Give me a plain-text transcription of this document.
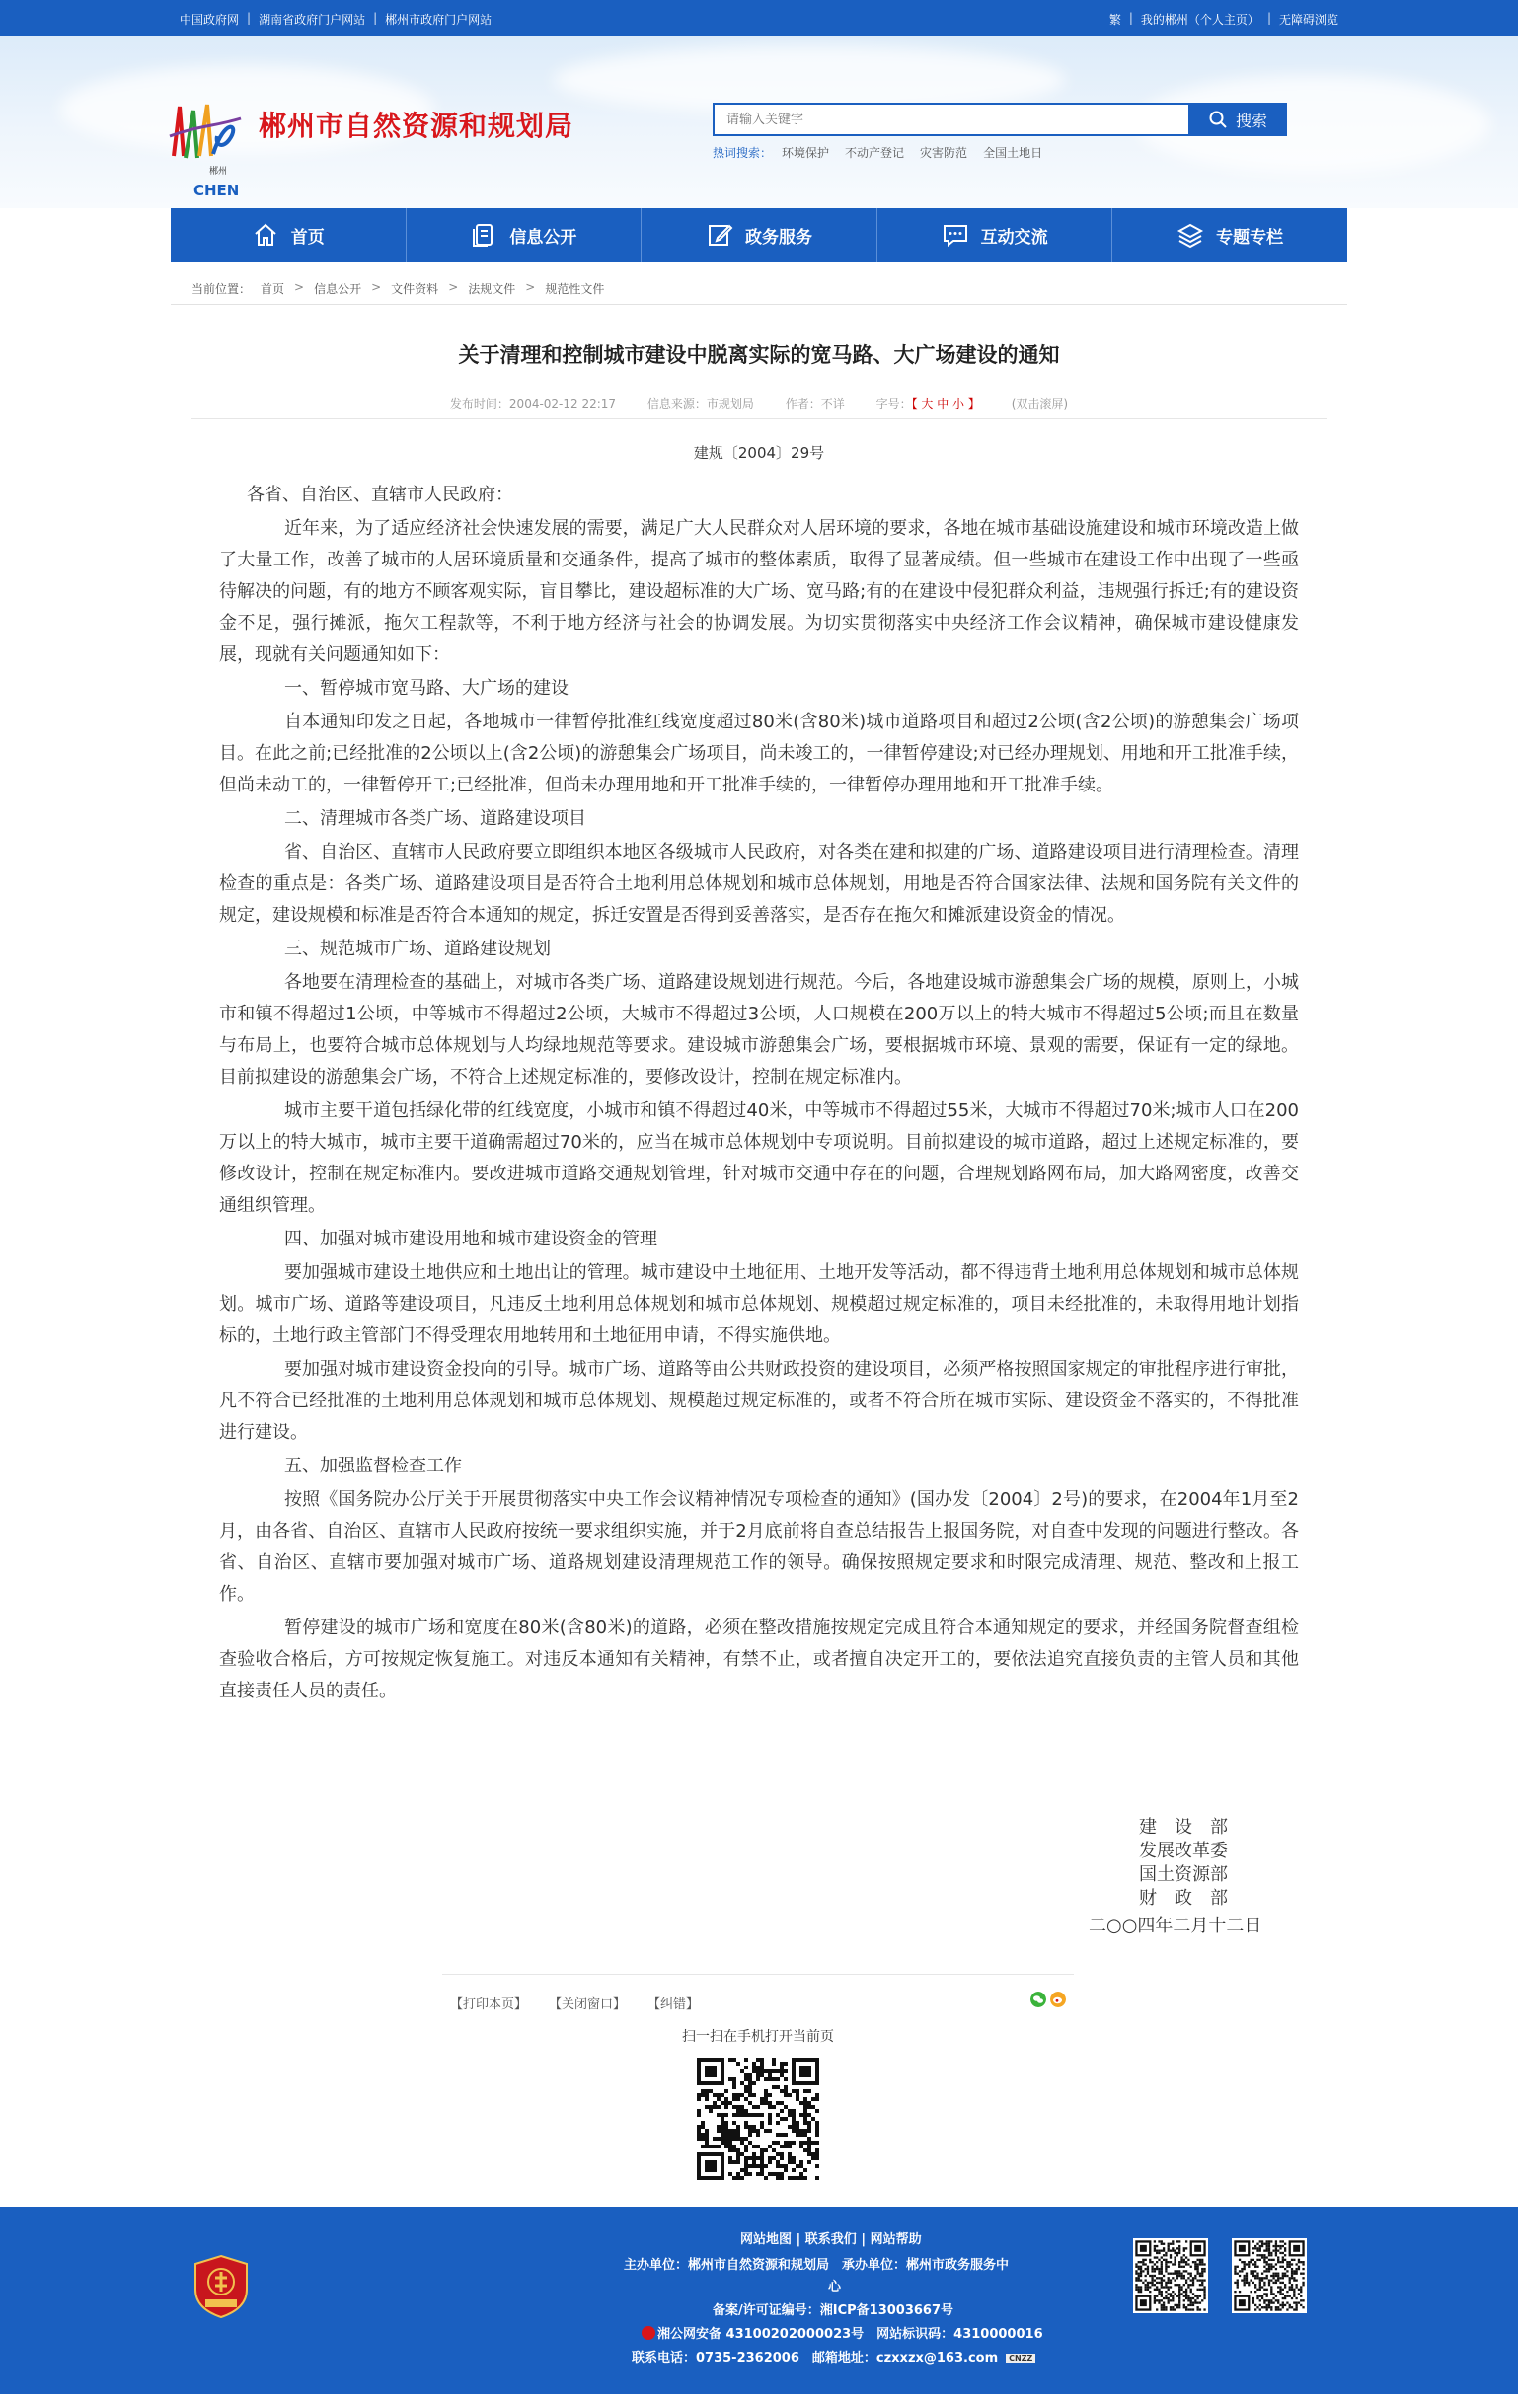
中国政府网 | 湖南省政府门户网站 | 郴州市政府门户网站	繁 | 我的郴州（个人主页） | 无障碍浏览
郴州
CHEN
郴州市自然资源和规划局
请输入关键字	搜索
热词搜索： 环境保护 不动产登记 灾害防范 全国土地日
首页	信息公开	政务服务	互动交流	专题专栏
当前位置： 首页 > 信息公开 > 文件资料 > 法规文件 > 规范性文件
关于清理和控制城市建设中脱离实际的宽马路、大广场建设的通知
发布时间：2004-02-12 22:17	信息来源：市规划局	作者：不详	字号：【 大 中 小 】	(双击滚屏)
建规〔2004〕29号
各省、自治区、直辖市人民政府：

近年来，为了适应经济社会快速发展的需要，满足广大人民群众对人居环境的要求，各地在城市基础设施建设和城市环境改造上做了大量工作，改善了城市的人居环境质量和交通条件，提高了城市的整体素质，取得了显著成绩。但一些城市在建设工作中出现了一些亟待解决的问题，有的地方不顾客观实际，盲目攀比，建设超标准的大广场、宽马路;有的在建设中侵犯群众利益，违规强行拆迁;有的建设资金不足，强行摊派，拖欠工程款等，不利于地方经济与社会的协调发展。为切实贯彻落实中央经济工作会议精神，确保城市建设健康发展，现就有关问题通知如下：

一、暂停城市宽马路、大广场的建设

自本通知印发之日起，各地城市一律暂停批准红线宽度超过80米(含80米)城市道路项目和超过2公顷(含2公顷)的游憩集会广场项目。在此之前;已经批准的2公顷以上(含2公顷)的游憩集会广场项目，尚未竣工的，一律暂停建设;对已经办理规划、用地和开工批准手续，但尚未动工的，一律暂停开工;已经批准，但尚未办理用地和开工批准手续的，一律暂停办理用地和开工批准手续。

二、清理城市各类广场、道路建设项目

省、自治区、直辖市人民政府要立即组织本地区各级城市人民政府，对各类在建和拟建的广场、道路建设项目进行清理检查。清理检查的重点是：各类广场、道路建设项目是否符合土地利用总体规划和城市总体规划，用地是否符合国家法律、法规和国务院有关文件的规定，建设规模和标准是否符合本通知的规定，拆迁安置是否得到妥善落实，是否存在拖欠和摊派建设资金的情况。

三、规范城市广场、道路建设规划

各地要在清理检查的基础上，对城市各类广场、道路建设规划进行规范。今后，各地建设城市游憩集会广场的规模，原则上，小城市和镇不得超过1公顷，中等城市不得超过2公顷，大城市不得超过3公顷，人口规模在200万以上的特大城市不得超过5公顷;而且在数量与布局上，也要符合城市总体规划与人均绿地规范等要求。建设城市游憩集会广场，要根据城市环境、景观的需要，保证有一定的绿地。目前拟建设的游憩集会广场，不符合上述规定标准的，要修改设计，控制在规定标准内。

城市主要干道包括绿化带的红线宽度，小城市和镇不得超过40米，中等城市不得超过55米，大城市不得超过70米;城市人口在200万以上的特大城市，城市主要干道确需超过70米的，应当在城市总体规划中专项说明。目前拟建设的城市道路，超过上述规定标准的，要修改设计，控制在规定标准内。要改进城市道路交通规划管理，针对城市交通中存在的问题，合理规划路网布局，加大路网密度，改善交通组织管理。

四、加强对城市建设用地和城市建设资金的管理

要加强城市建设土地供应和土地出让的管理。城市建设中土地征用、土地开发等活动，都不得违背土地利用总体规划和城市总体规划。城市广场、道路等建设项目，凡违反土地利用总体规划和城市总体规划、规模超过规定标准的，项目未经批准的，未取得用地计划指标的，土地行政主管部门不得受理农用地转用和土地征用申请，不得实施供地。

要加强对城市建设资金投向的引导。城市广场、道路等由公共财政投资的建设项目，必须严格按照国家规定的审批程序进行审批，凡不符合已经批准的土地利用总体规划和城市总体规划、规模超过规定标准的，或者不符合所在城市实际、建设资金不落实的，不得批准进行建设。

五、加强监督检查工作

按照《国务院办公厅关于开展贯彻落实中央工作会议精神情况专项检查的通知》(国办发〔2004〕2号)的要求，在2004年1月至2月，由各省、自治区、直辖市人民政府按统一要求组织实施，并于2月底前将自查总结报告上报国务院，对自查中发现的问题进行整改。各省、自治区、直辖市要加强对城市广场、道路规划建设清理规范工作的领导。确保按照规定要求和时限完成清理、规范、整改和上报工作。

暂停建设的城市广场和宽度在80米(含80米)的道路，必须在整改措施按规定完成且符合本通知规定的要求，并经国务院督查组检查验收合格后，方可按规定恢复施工。对违反本通知有关精神，有禁不止，或者擅自决定开工的，要依法追究直接负责的主管人员和其他直接责任人员的责任。

建　设　部
发展改革委
国土资源部
财　政　部
二○○四年二月十二日
【打印本页】 【关闭窗口】 【纠错】
扫一扫在手机打开当前页
网站地图 | 联系我们 | 网站帮助
主办单位：郴州市自然资源和规划局　承办单位：郴州市政务服务中
心
备案/许可证编号：湘ICP备13003667号
湘公网安备 43100202000023号　网站标识码：4310000016
联系电话：0735-2362006　邮箱地址：czxxzx@163.com CNZZ
